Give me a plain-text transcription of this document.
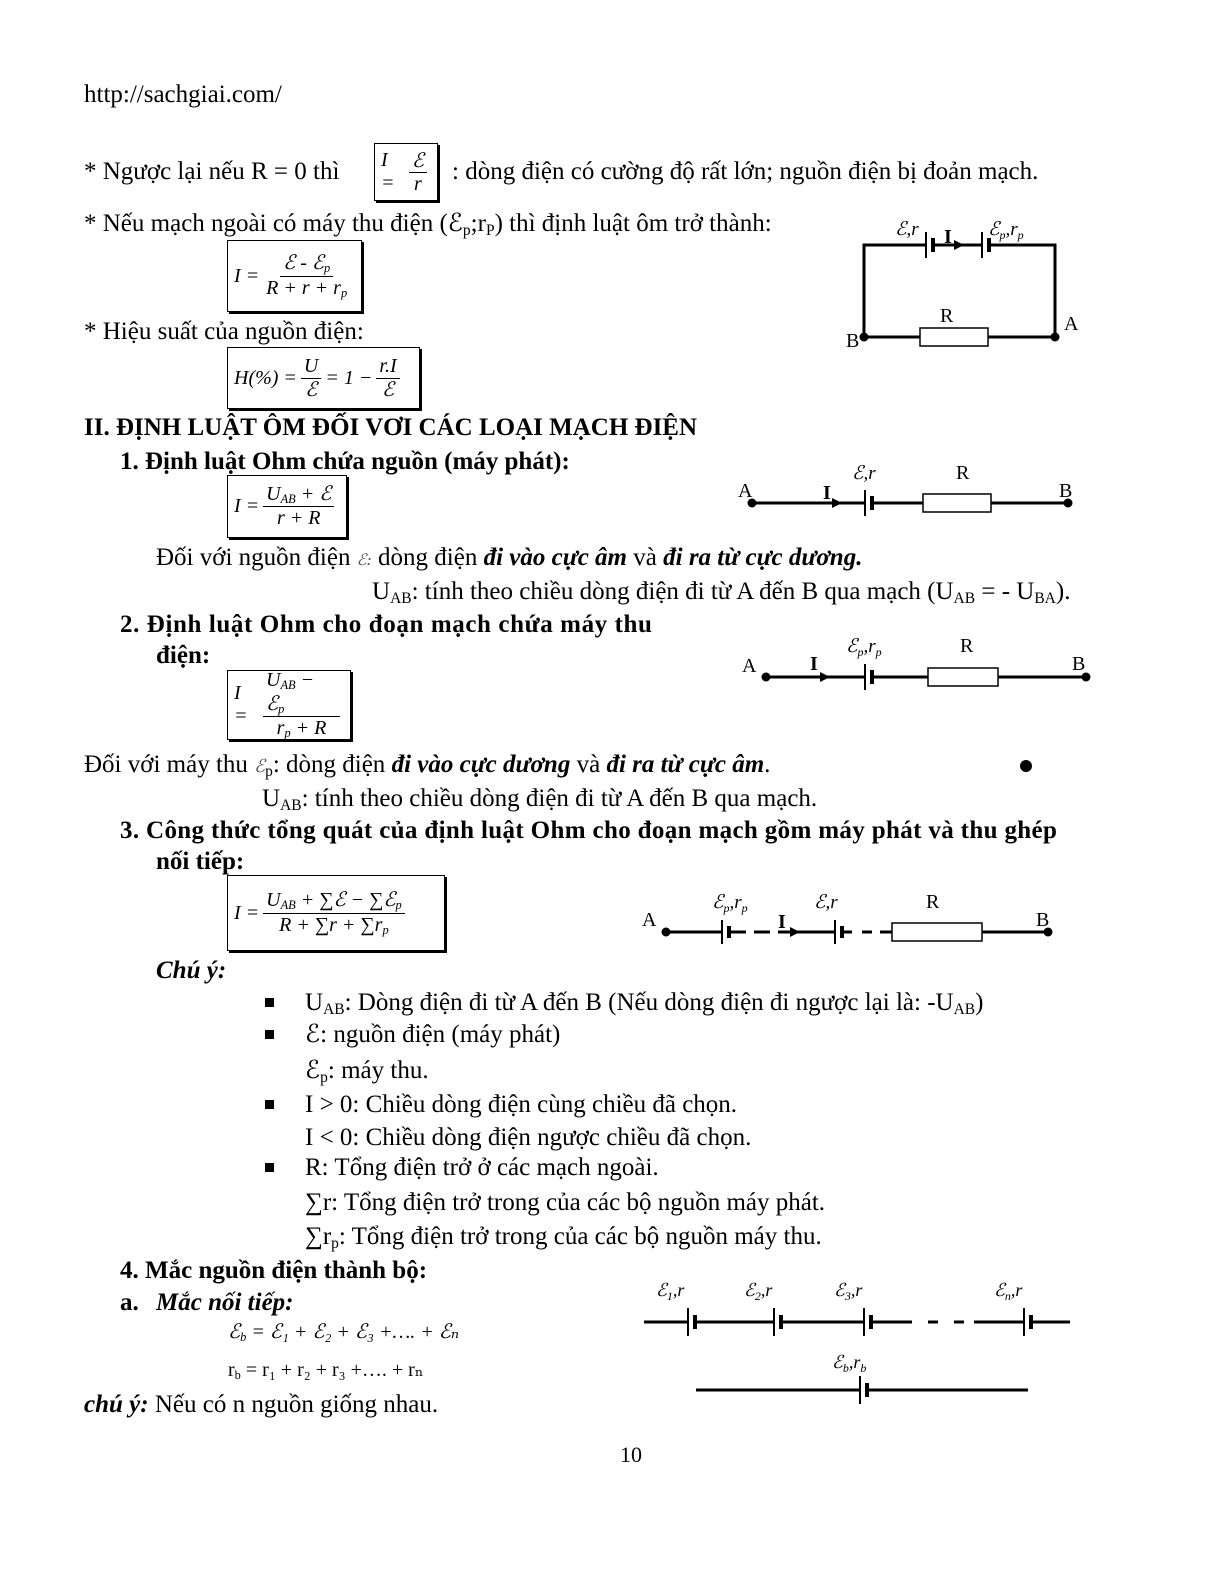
http://sachgiai.com/
* Ngược lại nếu R = 0 thì $I = \frac{\text{ℰ}}{r}$ : dòng điện có cường độ rất lớn; nguồn điện bị đoản mạch.
* Nếu mạch ngoài có máy thu điện $(ℰ_p;r_P)$ thì định luật ôm trở thành:
$I = \frac{ℰ - ℰ_p}{R + r + r_p}$
* Hiệu suất của nguồn điện:
$H(\%) = \frac{U}{\text{ℰ}} = 1 - \frac{r.I}{\text{ℰ}}$
ℰ,r I $ℰ_p,r_p$
R
B
A
II. ĐỊNH LUẬT ÔM ĐỐI VƠI CÁC LOẠI MẠCH ĐIỆN
1. Định luật Ohm chứa nguồn (máy phát):
$I = \frac{U_{AB} + ℰ}{r + R}$	A	I
ℰ,r	R
B
Đối với nguồn điện ℰ: dòng điện đi vào cực âm và đi ra từ cực dương.
$U_{AB}$: tính theo chiều dòng điện đi từ A đến B qua mạch ($U_{AB}$ = - $U_{BA}$).
2. Định luật Ohm cho đoạn mạch chứa máy thu
điện:
$I = \frac{U_{AB} - ℰ_p}{r_p + R}$
A	I
$ℰ_p,r_p$	R
B
Đối với máy thu ℰ$_p$: dòng điện đi vào cực dương và đi ra từ cực âm.
$U_{AB}$: tính theo chiều dòng điện đi từ A đến B qua mạch.
3. Công thức tổng quát của định luật Ohm cho đoạn mạch gồm máy phát và thu ghép
nối tiếp:
$I = \frac{U_{AB} + \sum ℰ - \sum ℰ_p}{R + \sum r + \sum r_p}$	A	I
$ℰ_p,r_p$	ℰ,r	R
B
Chú ý:
$U_{AB}$: Dòng điện đi từ A đến B (Nếu dòng điện đi ngược lại là: $-U_{AB}$)
ℰ: nguồn điện (máy phát)
ℰ$_p$: máy thu.
I > 0: Chiều dòng điện cùng chiều đã chọn.
I < 0: Chiều dòng điện ngược chiều đã chọn.
R: Tổng điện trở ở các mạch ngoài.
∑r: Tổng điện trở trong của các bộ nguồn máy phát.
$\sum r_p$: Tổng điện trở trong của các bộ nguồn máy thu.
4. Mắc nguồn điện thành bộ:
a. Mắc nối tiếp:
ℰ$_b$ = ℰ₁ + ℰ₂ + ℰ₃ +…. + ℰₙ
$r_b = r_1 + r_2 + r_3$ +…. + rₙ
chú ý: Nếu có n nguồn giống nhau.
ℰ$_1$,r	ℰ$_2$,r	ℰ$_3$,r	ℰ$_n$,r
$ℰ_b,r_b$
10
